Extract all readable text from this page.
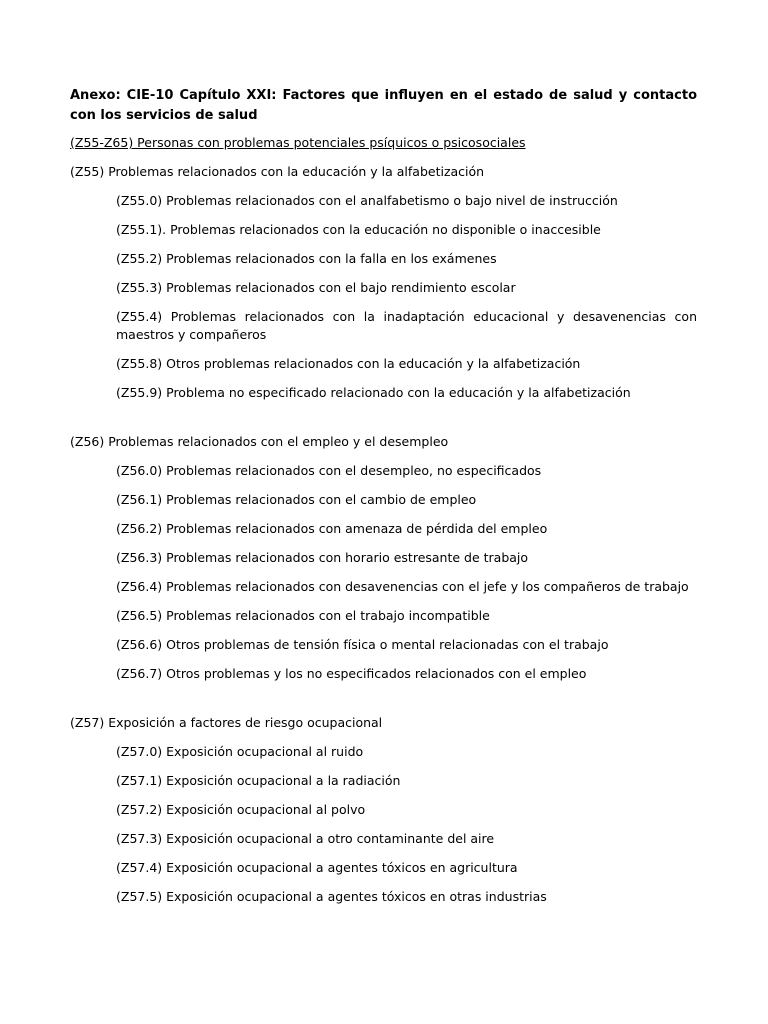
Anexo: CIE-10 Capítulo XXI: Factores que influyen en el estado de salud y contacto con los servicios de salud

(Z55-Z65) Personas con problemas potenciales psíquicos o psicosociales

(Z55) Problemas relacionados con la educación y la alfabetización

(Z55.0) Problemas relacionados con el analfabetismo o bajo nivel de instrucción

(Z55.1). Problemas relacionados con la educación no disponible o inaccesible

(Z55.2) Problemas relacionados con la falla en los exámenes

(Z55.3) Problemas relacionados con el bajo rendimiento escolar

(Z55.4) Problemas relacionados con la inadaptación educacional y desavenencias con maestros y compañeros

(Z55.8) Otros problemas relacionados con la educación y la alfabetización

(Z55.9) Problema no especificado relacionado con la educación y la alfabetización

(Z56) Problemas relacionados con el empleo y el desempleo

(Z56.0) Problemas relacionados con el desempleo, no especificados

(Z56.1) Problemas relacionados con el cambio de empleo

(Z56.2) Problemas relacionados con amenaza de pérdida del empleo

(Z56.3) Problemas relacionados con horario estresante de trabajo

(Z56.4) Problemas relacionados con desavenencias con el jefe y los compañeros de trabajo

(Z56.5) Problemas relacionados con el trabajo incompatible

(Z56.6) Otros problemas de tensión física o mental relacionadas con el trabajo

(Z56.7) Otros problemas y los no especificados relacionados con el empleo

(Z57) Exposición a factores de riesgo ocupacional

(Z57.0) Exposición ocupacional al ruido

(Z57.1) Exposición ocupacional a la radiación

(Z57.2) Exposición ocupacional al polvo

(Z57.3) Exposición ocupacional a otro contaminante del aire

(Z57.4) Exposición ocupacional a agentes tóxicos en agricultura

(Z57.5) Exposición ocupacional a agentes tóxicos en otras industrias
